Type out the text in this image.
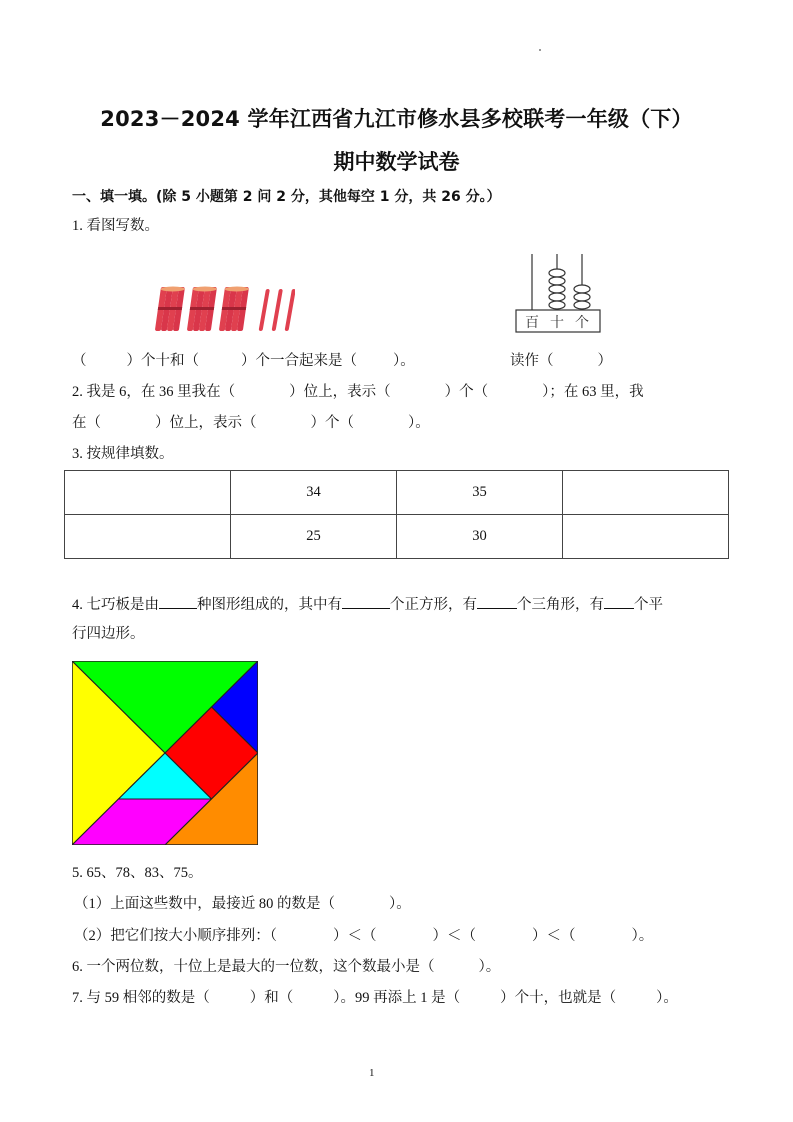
2023－2024 学年江西省九江市修水县多校联考一年级（下）
期中数学试卷
一、填一填。(除 5 小题第 2 问 2 分，其他每空 1 分，共 26 分。）
1. 看图写数。
百 十 个
（	）个十和（	）个一合起来是（ ）。	读作（	）
2. 我是 6，在 36 里我在（	）位上，表示（	）个（	）；在 63 里，我
在（	）位上，表示（	）个（	）。
3. 按规律填数。
	34	35	
	25	30	
4. 七巧板是由	种图形组成的，其中有	个正方形，有	个三角形，有 个平
行四边形。
5. 65、78、83、75。
（1）上面这些数中，最接近 80 的数是（	）。
（2）把它们按大小顺序排列：（	）＜（	）＜（	）＜（	）。
6. 一个两位数，十位上是最大的一位数，这个数最小是（	）。
7. 与 59 相邻的数是（	）和（	）。99 再添上 1 是（	）个十，也就是（	）。
1
